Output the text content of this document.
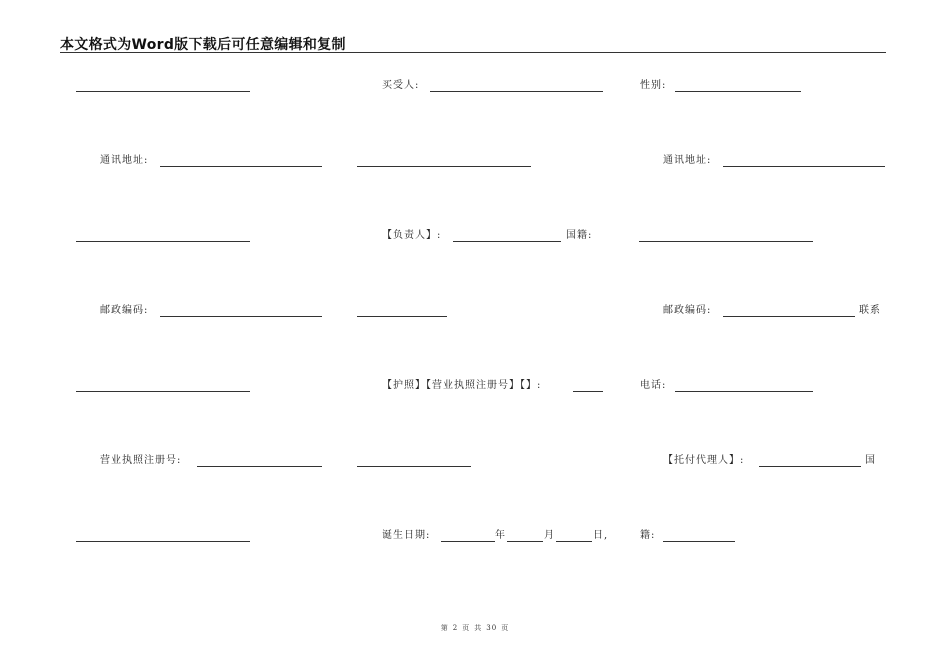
本文格式为Word版下载后可任意编辑和复制
买受人:	性别:
通讯地址:	通讯地址:
【负责人】:	国籍:
邮政编码:	邮政编码:	联系
【护照】【营业执照注册号】【】:	电话:
营业执照注册号:	【托付代理人】:	国
诞生日期:	年	月	日,	籍:
第 2 页 共 30 页
